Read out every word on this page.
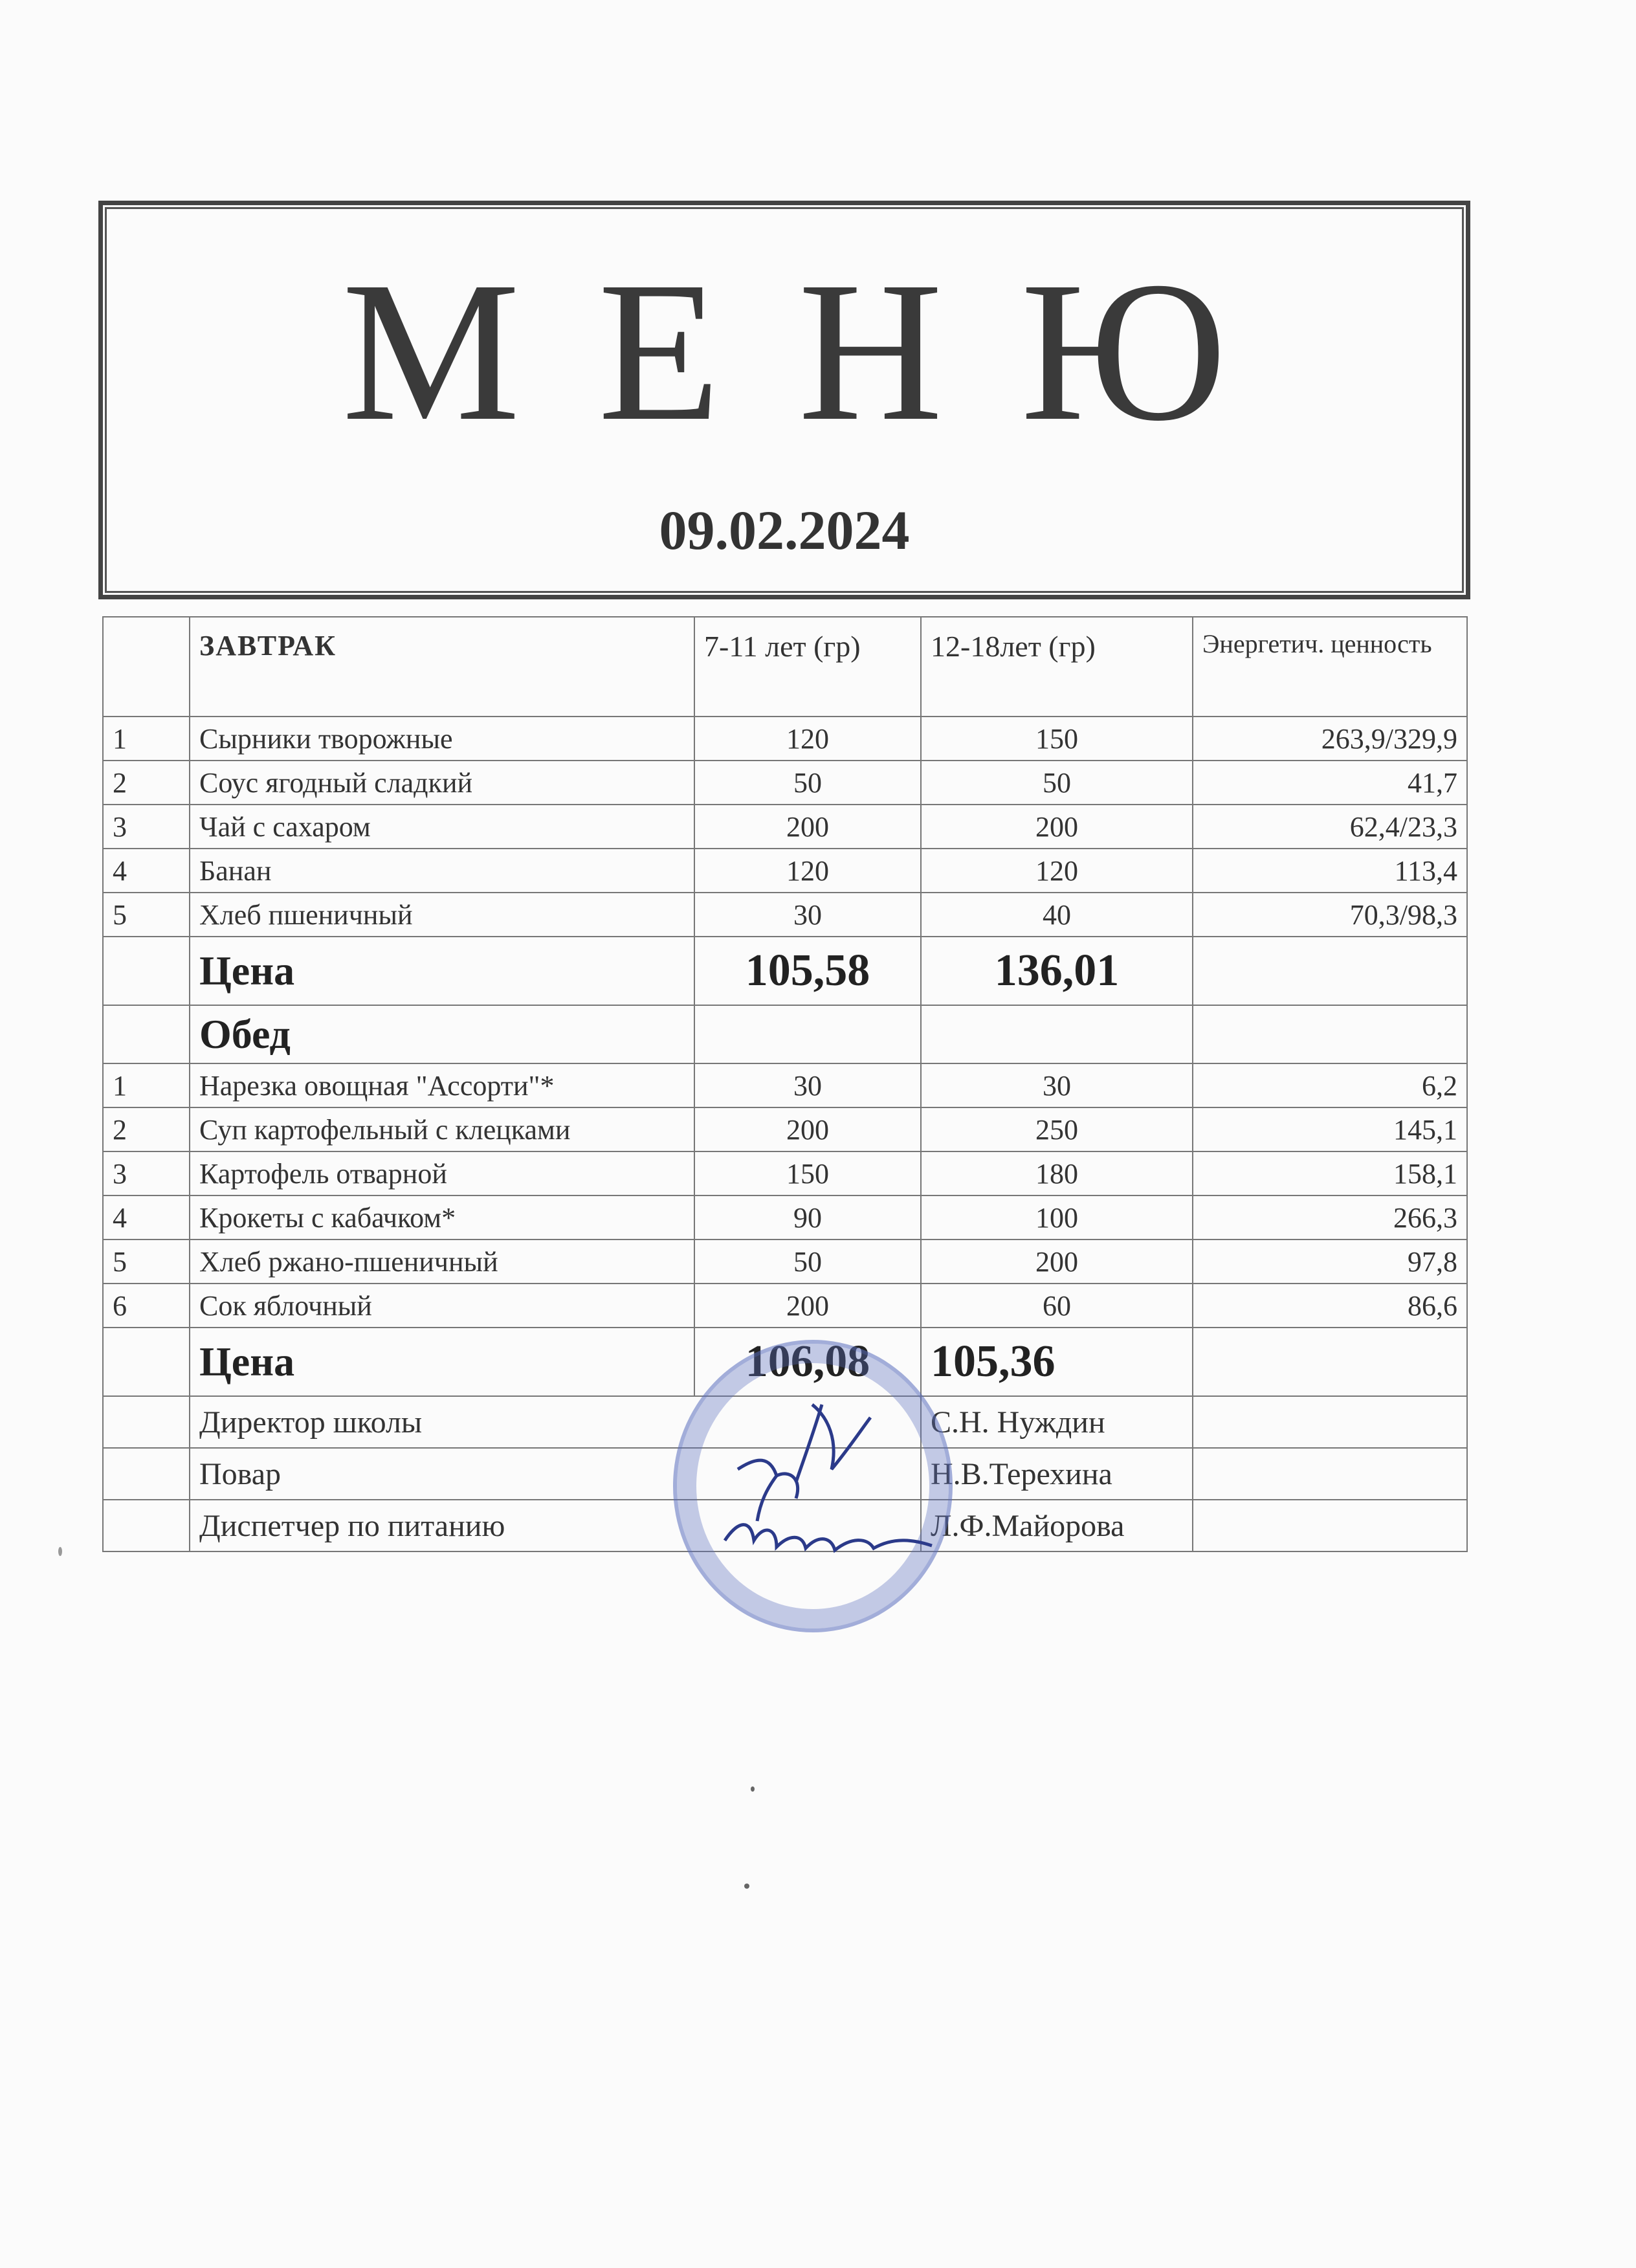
МЕНЮ
09.02.2024
	ЗАВТРАК	7-11 лет (гр)	12-18лет (гр)	Энергетич. ценность
1	Сырники творожные	120	150	263,9/329,9
2	Соус ягодный сладкий	50	50	41,7
3	Чай с сахаром	200	200	62,4/23,3
4	Банан	120	120	113,4
5	Хлеб пшеничный	30	40	70,3/98,3
	Цена	105,58	136,01	
	Обед			
1	Нарезка овощная "Ассорти"*	30	30	6,2
2	Суп картофельный с клецками	200	250	145,1
3	Картофель отварной	150	180	158,1
4	Крокеты с кабачком*	90	100	266,3
5	Хлеб ржано-пшеничный	50	200	97,8
6	Сок яблочный	200	60	86,6
	Цена	106,08	105,36	
	Директор школы		С.Н. Нуждин	
	Повар		Н.В.Терехина	
	Диспетчер по питанию		Л.Ф.Майорова	
